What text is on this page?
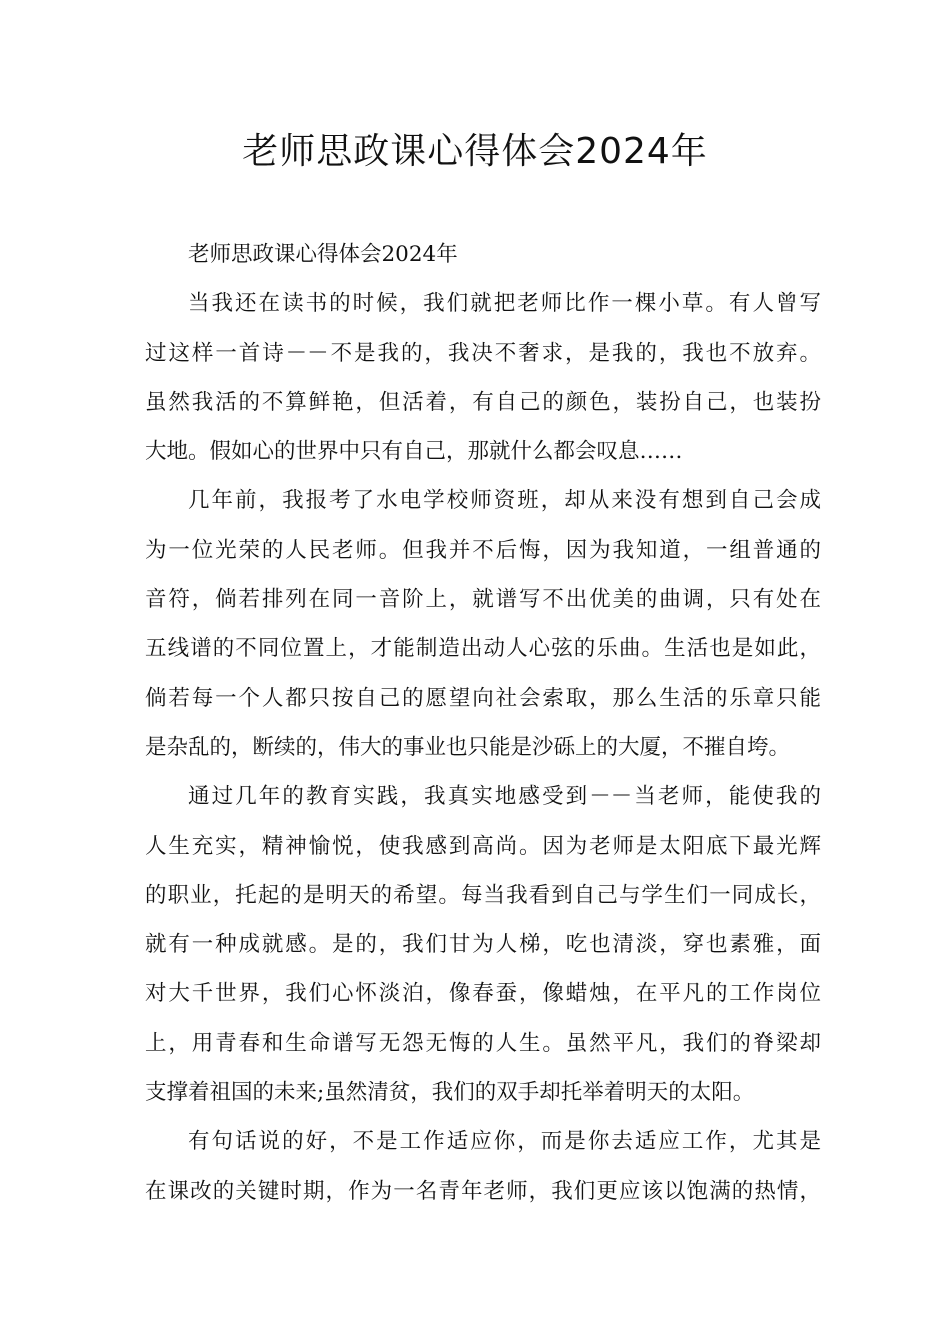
老师思政课心得体会2024年
老师思政课心得体会2024年
当我还在读书的时候，我们就把老师比作一棵小草。有人曾写
过这样一首诗－－不是我的，我决不奢求，是我的，我也不放弃。
虽然我活的不算鲜艳，但活着，有自己的颜色，装扮自己，也装扮
大地。假如心的世界中只有自己，那就什么都会叹息……
几年前，我报考了水电学校师资班，却从来没有想到自己会成
为一位光荣的人民老师。但我并不后悔，因为我知道，一组普通的
音符，倘若排列在同一音阶上，就谱写不出优美的曲调，只有处在
五线谱的不同位置上，才能制造出动人心弦的乐曲。生活也是如此，
倘若每一个人都只按自己的愿望向社会索取，那么生活的乐章只能
是杂乱的，断续的，伟大的事业也只能是沙砾上的大厦，不摧自垮。
通过几年的教育实践，我真实地感受到－－当老师，能使我的
人生充实，精神愉悦，使我感到高尚。因为老师是太阳底下最光辉
的职业，托起的是明天的希望。每当我看到自己与学生们一同成长，
就有一种成就感。是的，我们甘为人梯，吃也清淡，穿也素雅，面
对大千世界，我们心怀淡泊，像春蚕，像蜡烛，在平凡的工作岗位
上，用青春和生命谱写无怨无悔的人生。虽然平凡，我们的脊梁却
支撑着祖国的未来;虽然清贫，我们的双手却托举着明天的太阳。
有句话说的好，不是工作适应你，而是你去适应工作，尤其是
在课改的关键时期，作为一名青年老师，我们更应该以饱满的热情，
